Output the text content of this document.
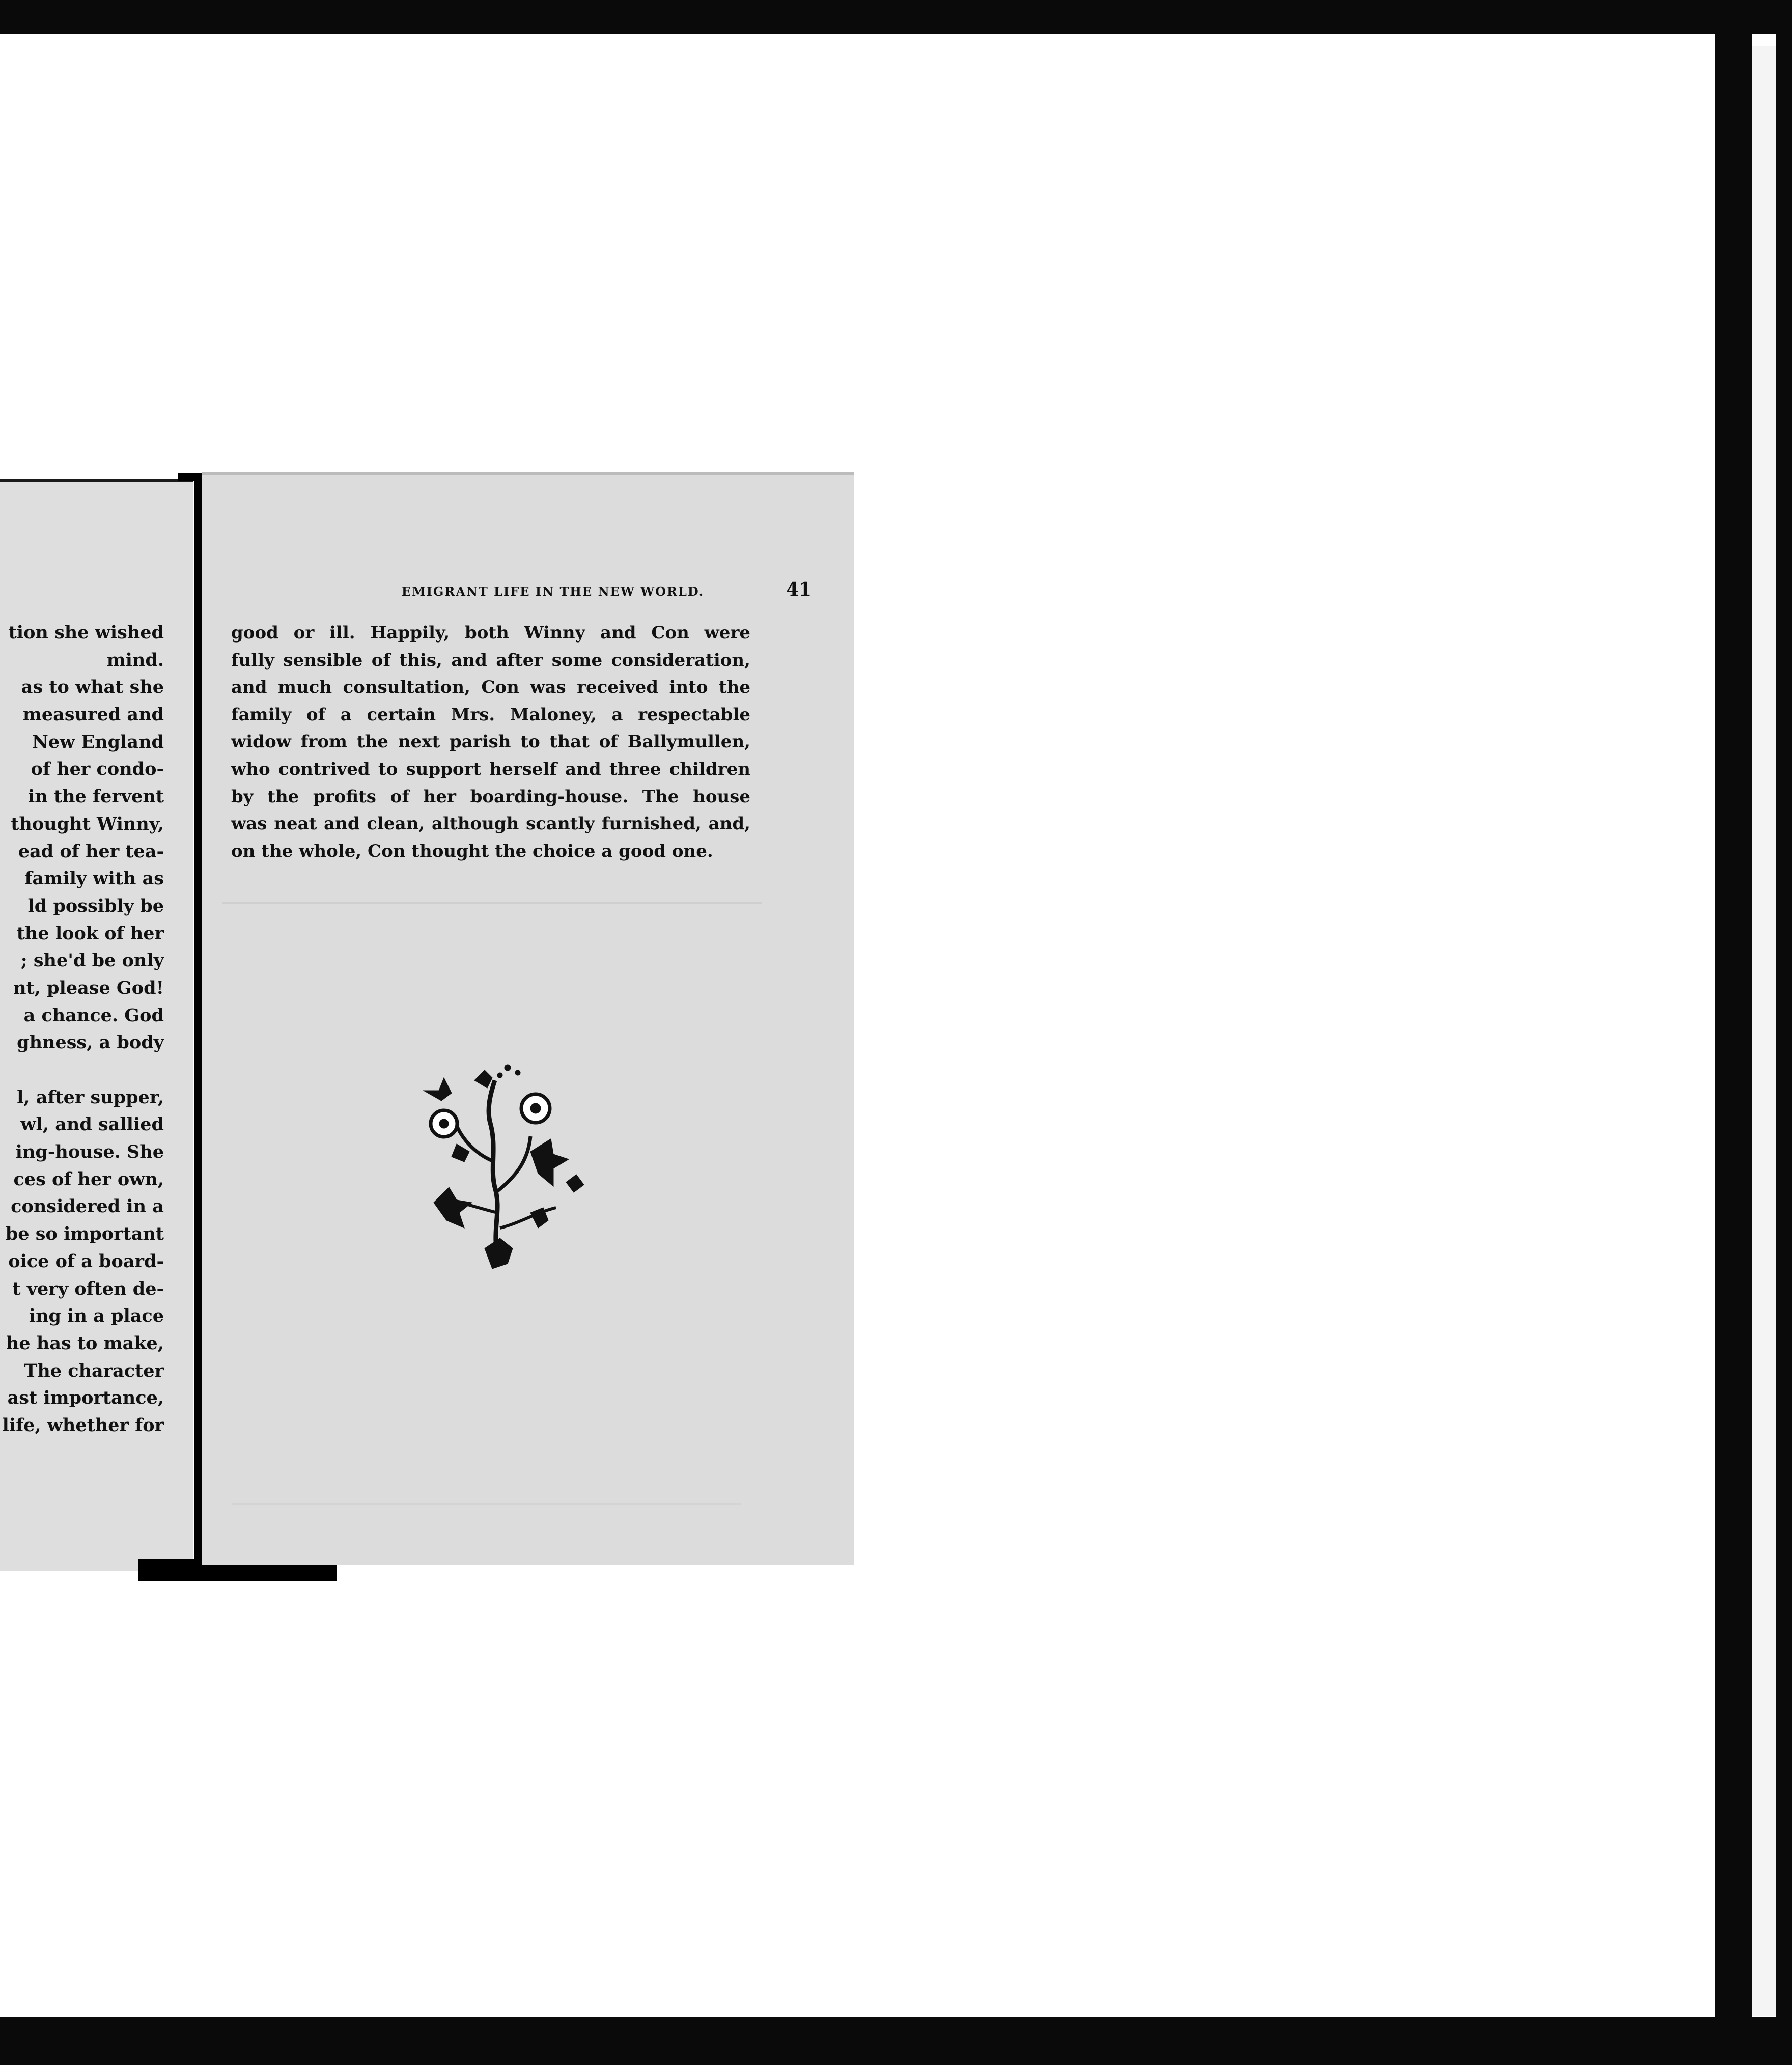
tion she wished
mind.
as to what she
measured and
New England
of her condo-
in the fervent
thought Winny,
ead of her tea-
family with as
ld possibly be
the look of her
; she'd be only
nt, please God!
a chance. God
ghness, a body
l, after supper,
wl, and sallied
ing-house. She
ces of her own,
considered in a
be so important
oice of a board-
t very often de-
ing in a place
he has to make,
The character
ast importance,
life, whether for
EMIGRANT LIFE IN THE NEW WORLD.	41
good or ill. Happily, both Winny and Con were
fully sensible of this, and after some consideration,
and much consultation, Con was received into the
family of a certain Mrs. Maloney, a respectable
widow from the next parish to that of Ballymullen,
who contrived to support herself and three children
by the profits of her boarding-house. The house
was neat and clean, although scantly furnished, and,
on the whole, Con thought the choice a good one.
